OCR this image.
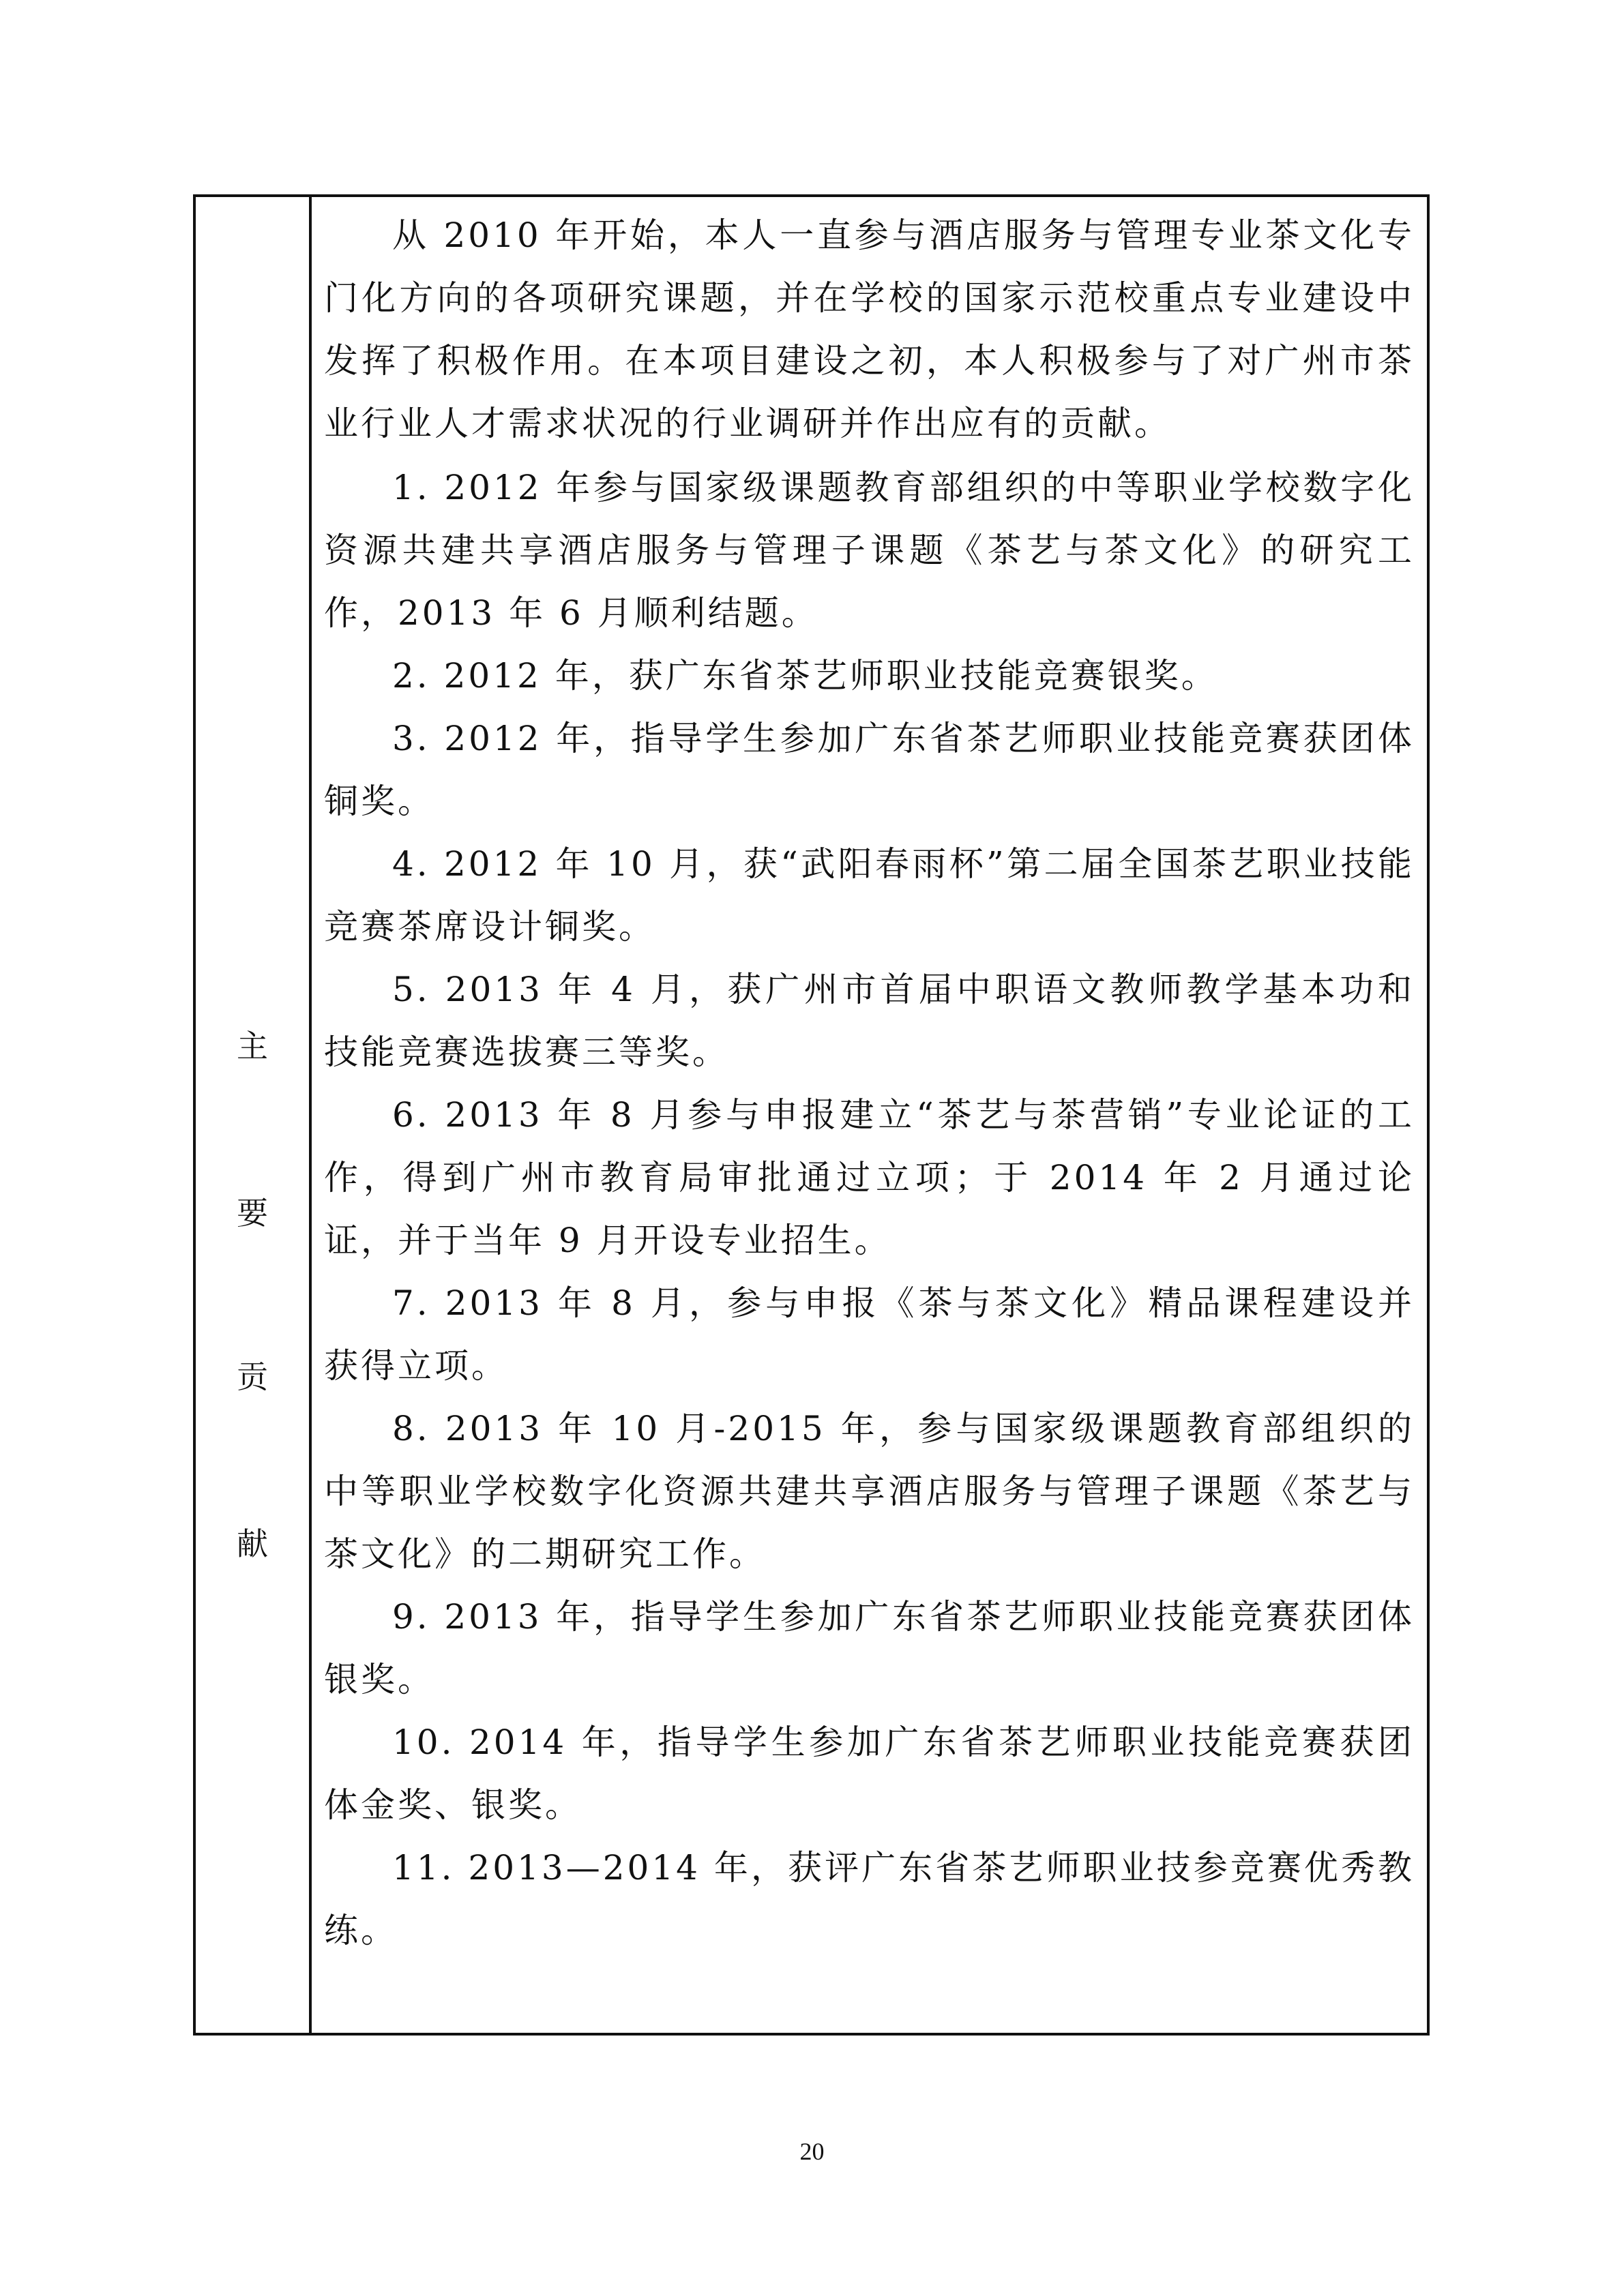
主
要
贡
献

从 2010 年开始，本人一直参与酒店服务与管理专业茶文化专门化方向的各项研究课题，并在学校的国家示范校重点专业建设中发挥了积极作用。在本项目建设之初，本人积极参与了对广州市茶业行业人才需求状况的行业调研并作出应有的贡献。

1. 2012 年参与国家级课题教育部组织的中等职业学校数字化资源共建共享酒店服务与管理子课题《茶艺与茶文化》的研究工作，2013 年 6 月顺利结题。

2. 2012 年，获广东省茶艺师职业技能竞赛银奖。

3. 2012 年，指导学生参加广东省茶艺师职业技能竞赛获团体铜奖。

4. 2012 年 10 月，获“武阳春雨杯”第二届全国茶艺职业技能竞赛茶席设计铜奖。

5. 2013 年 4 月，获广州市首届中职语文教师教学基本功和技能竞赛选拔赛三等奖。

6. 2013 年 8 月参与申报建立“茶艺与茶营销”专业论证的工作，得到广州市教育局审批通过立项；于 2014 年 2 月通过论证，并于当年 9 月开设专业招生。

7. 2013 年 8 月，参与申报《茶与茶文化》精品课程建设并获得立项。

8. 2013 年 10 月-2015 年，参与国家级课题教育部组织的中等职业学校数字化资源共建共享酒店服务与管理子课题《茶艺与茶文化》的二期研究工作。

9. 2013 年，指导学生参加广东省茶艺师职业技能竞赛获团体银奖。

10. 2014 年，指导学生参加广东省茶艺师职业技能竞赛获团体金奖、银奖。

11. 2013—2014 年，获评广东省茶艺师职业技参竞赛优秀教练。

20
